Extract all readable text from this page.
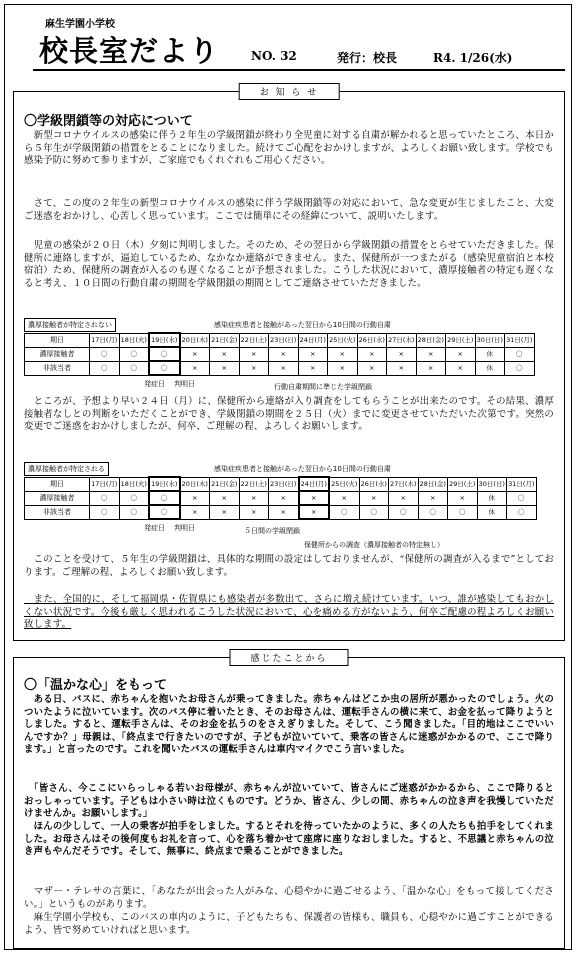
麻生学園小学校
校長室だより	NO. 32	発行：校長	R4. 1/26(水)
お 知 ら せ
〇学級閉鎖等の対応について
　新型コロナウイルスの感染に伴う２年生の学級閉鎖が終わり全児童に対する自粛が解かれると思っていたところ、本日から５年生が学級閉鎖の措置をとることになりました。続けてご心配をおかけしますが、よろしくお願い致します。学校でも感染予防に努めて参りますが、ご家庭でもくれぐれもご用心ください。
　さて、この度の２年生の新型コロナウイルスの感染に伴う学級閉鎖等の対応において、急な変更が生じましたこと、大変ご迷惑をおかけし、心苦しく思っています。ここでは簡単にその経緯について、説明いたします。
　児童の感染が２０日（木）夕刻に判明しました。そのため、その翌日から学級閉鎖の措置をとらせていただきました。保健所に連絡しますが、逼迫しているため、なかなか連絡ができません。また、保健所が一つまたがる（感染児童宿泊と本校宿泊）ため、保健所の調査が入るのも遅くなることが予想されました。こうした状況において、濃厚接触者の特定も遅くなると考え、１０日間の行動自粛の期間を学級閉鎖の期間としてご連絡させていただきました。
濃厚接触者が特定されない	感染症疾患者と接触があった翌日から10日間の行動自粛
期日	17日(月)	18日(火)	19日(水)	20日(木)	21日(金)	22日(土)	23日(日)	24日(月)	25日(火)	26日(水)	27日(木)	28日(金)	29日(土)	30日(日)	31日(月)
濃厚接触者	〇	〇	〇	×	×	×	×	×	×	×	×	×	×	休	〇
非該当者	〇	〇	〇	×	×	×	×	×	×	×	×	×	×	休	〇
発症日 判明日	行動自粛期間に準じた学級閉鎖
　ところが、予想より早い２４日（月）に、保健所から連絡が入り調査をしてもらうことが出来たのです。その結果、濃厚接触者なしとの判断をいただくことができ、学級閉鎖の期間を２５日（火）までに変更させていただいた次第です。突然の変更でご迷惑をおかけしましたが、何卒、ご理解の程、よろしくお願いします。
濃厚接触者が特定される	感染症疾患者と接触があった翌日から10日間の行動自粛
期日	17日(月)	18日(火)	19日(水)	20日(木)	21日(金)	22日(土)	23日(日)	24日(月)	25日(火)	26日(水)	27日(木)	28日(金)	29日(土)	30日(日)	31日(月)
濃厚接触者	〇	〇	〇	×	×	×	×	×	×	×	×	×	×	休	〇
非該当者	〇	〇	〇	×	×	×	×	×	〇	〇	〇	〇	〇	休	〇
発症日 判明日	５日間の学級閉鎖
保健所からの調査（濃厚接触者の特定無し）
　このことを受けて、５年生の学級閉鎖は、具体的な期間の設定はしておりませんが、“保健所の調査が入るまで”としております。ご理解の程、よろしくお願い致します。
　また、全国的に、そして福岡県・佐賀県にも感染者が多数出て、さらに増え続けています。いつ、誰が感染してもおかしくない状況です。今後も厳しく思われるこうした状況において、心を痛める方がないよう、何卒ご配慮の程よろしくお願い致します。
感じたことから
〇「温かな心」をもって
　ある日、バスに、赤ちゃんを抱いたお母さんが乗ってきました。赤ちゃんはどこか虫の居所が悪かったのでしょう。火のついたように泣いています。次のバス停に着いたとき、そのお母さんは、運転手さんの横に来て、お金を払って降りようとしました。すると、運転手さんは、そのお金を払うのをさえぎりました。そして、こう聞きました。「目的地はここでいいんですか？」母親は、「終点まで行きたいのですが、子どもが泣いていて、乗客の皆さんに迷惑がかかるので、ここで降ります。」と言ったのです。これを聞いたバスの運転手さんは車内マイクでこう言いました。
　「皆さん、今ここにいらっしゃる若いお母様が、赤ちゃんが泣いていて、皆さんにご迷惑がかかるから、ここで降りるとおっしゃっています。子どもは小さい時は泣くものです。どうか、皆さん、少しの間、赤ちゃんの泣き声を我慢していただけませんか。お願いします。」
　ほんの少しして、一人の乗客が拍手をしました。するとそれを待っていたかのように、多くの人たちも拍手をしてくれました。お母さんはその後何度もお礼を言って、心を落ち着かせて座席に座りなおしました。すると、不思議と赤ちゃんの泣き声もやんだそうです。そして、無事に、終点まで乗ることができました。
　マザー・テレサの言葉に、「あなたが出会った人がみな、心穏やかに過ごせるよう、「温かな心」をもって接してください。」というものがあります。
　麻生学園小学校も、このバスの車内のように、子どもたちも、保護者の皆様も、職員も、心穏やかに過ごすことができるよう、皆で努めていければと思います。
